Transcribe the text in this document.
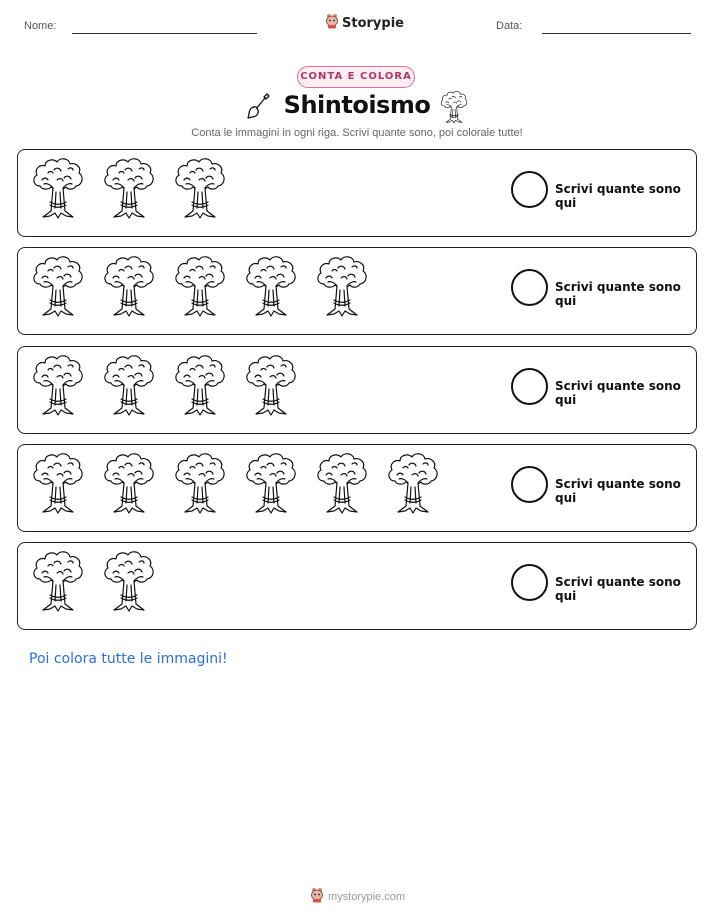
Nome:	Storypie	Data:
CONTA E COLORA
Shintoismo
Conta le immagini in ogni riga. Scrivi quante sono, poi colorale tutte!
Scrivi quante sono qui
Scrivi quante sono qui
Scrivi quante sono qui
Scrivi quante sono qui
Scrivi quante sono qui
Poi colora tutte le immagini!
mystorypie.com
